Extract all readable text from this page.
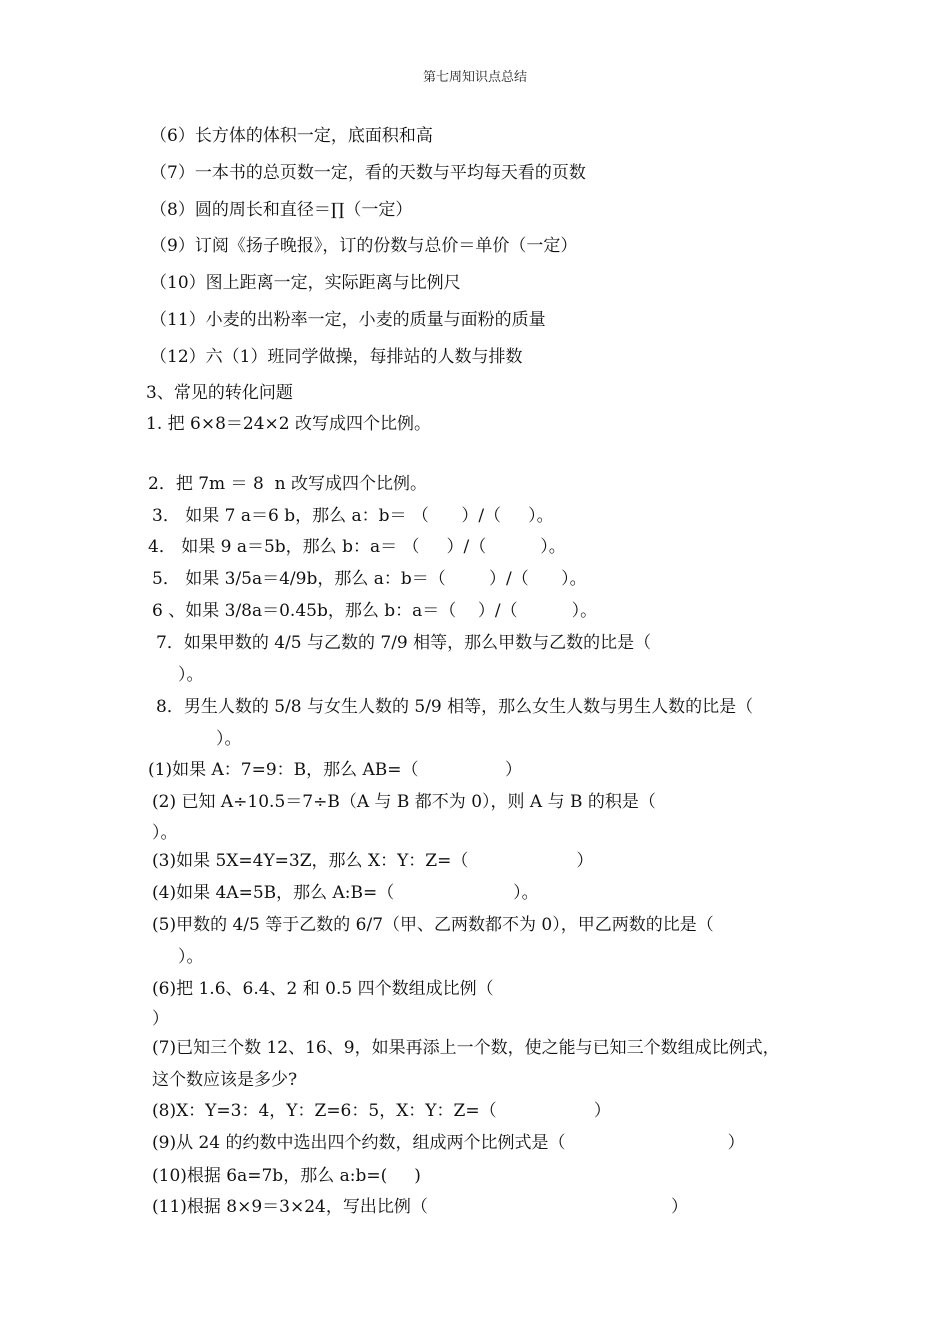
第七周知识点总结
（6）长方体的体积一定，底面积和高
（7）一本书的总页数一定，看的天数与平均每天看的页数
（8）圆的周长和直径＝∏（一定）
（9）订阅《扬子晚报》，订的份数与总价＝单价（一定）
（10）图上距离一定，实际距离与比例尺
（11）小麦的出粉率一定，小麦的质量与面粉的质量
（12）六（1）班同学做操，每排站的人数与排数
3、常见的转化问题
1. 把 6×8＝24×2 改写成四个比例。
2．把 7m ＝ 8  n 改写成四个比例。
3． 如果 7 a＝6 b，那么 a：b＝ （      ）/（     ）。
4． 如果 9 a＝5b，那么 b：a＝ （     ）/（          ）。
5． 如果 3/5a＝4/9b，那么 a：b＝（        ）/（      ）。
6 、如果 3/8a＝0.45b，那么 b：a＝（    ）/（          ）。
7．如果甲数的 4/5 与乙数的 7/9 相等，那么甲数与乙数的比是（
）。
8．男生人数的 5/8 与女生人数的 5/9 相等，那么女生人数与男生人数的比是（
）。
(1)如果 A：7=9：B，那么 AB=（                ）
(2) 已知 A÷10.5＝7÷B（A 与 B 都不为 0），则 A 与 B 的积是（
）。
(3)如果 5X=4Y=3Z，那么 X：Y：Z=（                    ）
(4)如果 4A=5B，那么 A:B=（                      ）。
(5)甲数的 4/5 等于乙数的 6/7（甲、乙两数都不为 0），甲乙两数的比是（
）。
(6)把 1.6、6.4、2 和 0.5 四个数组成比例（
）
(7)已知三个数 12、16、9，如果再添上一个数，使之能与已知三个数组成比例式，
这个数应该是多少?
(8)X：Y=3：4，Y：Z=6：5，X：Y：Z=（                  ）
(9)从 24 的约数中选出四个约数，组成两个比例式是（                              ）
(10)根据 6a=7b，那么 a:b=(     )
(11)根据 8×9＝3×24，写出比例（                                             ）
